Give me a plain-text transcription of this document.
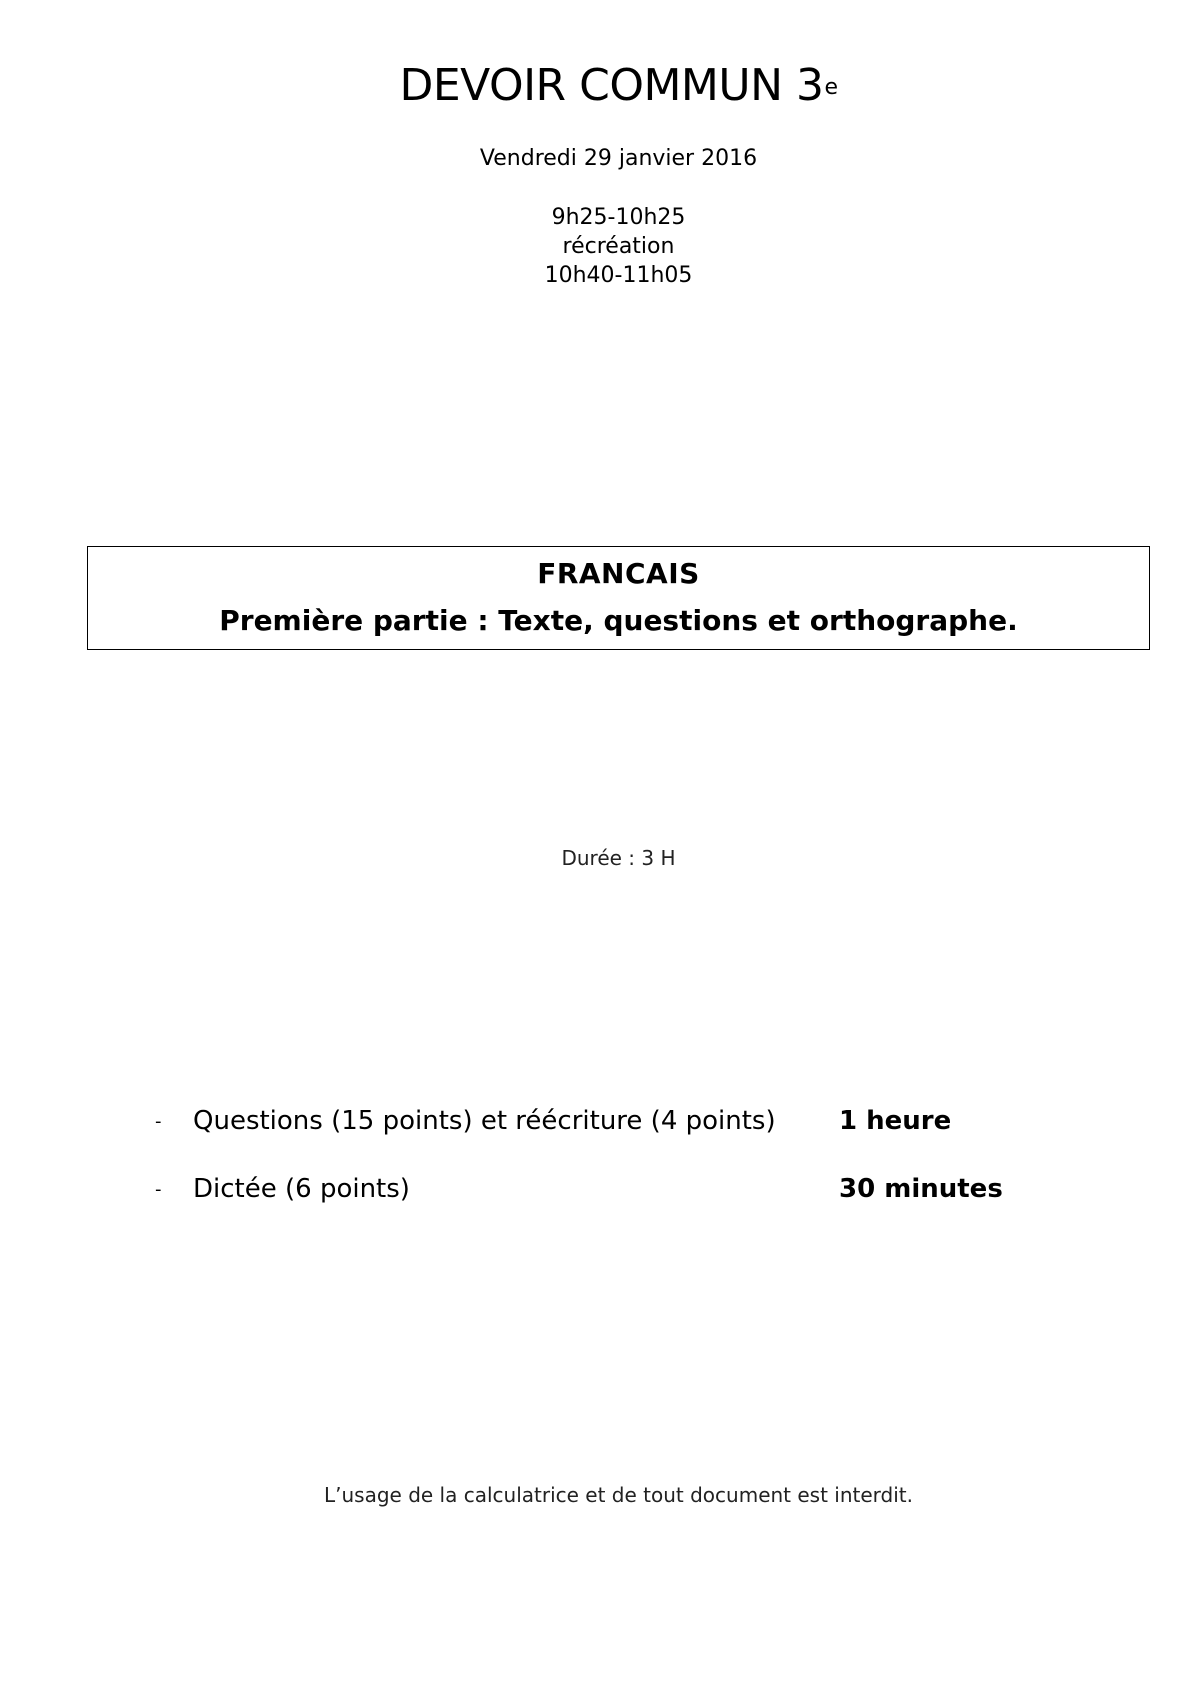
DEVOIR COMMUN 3e
Vendredi 29 janvier 2016
9h25-10h25
récréation
10h40-11h05
FRANCAIS
Première partie : Texte, questions et orthographe.
Durée : 3 H
- Questions (15 points) et réécriture (4 points) 1 heure
- Dictée (6 points)	30 minutes
L’usage de la calculatrice et de tout document est interdit.
